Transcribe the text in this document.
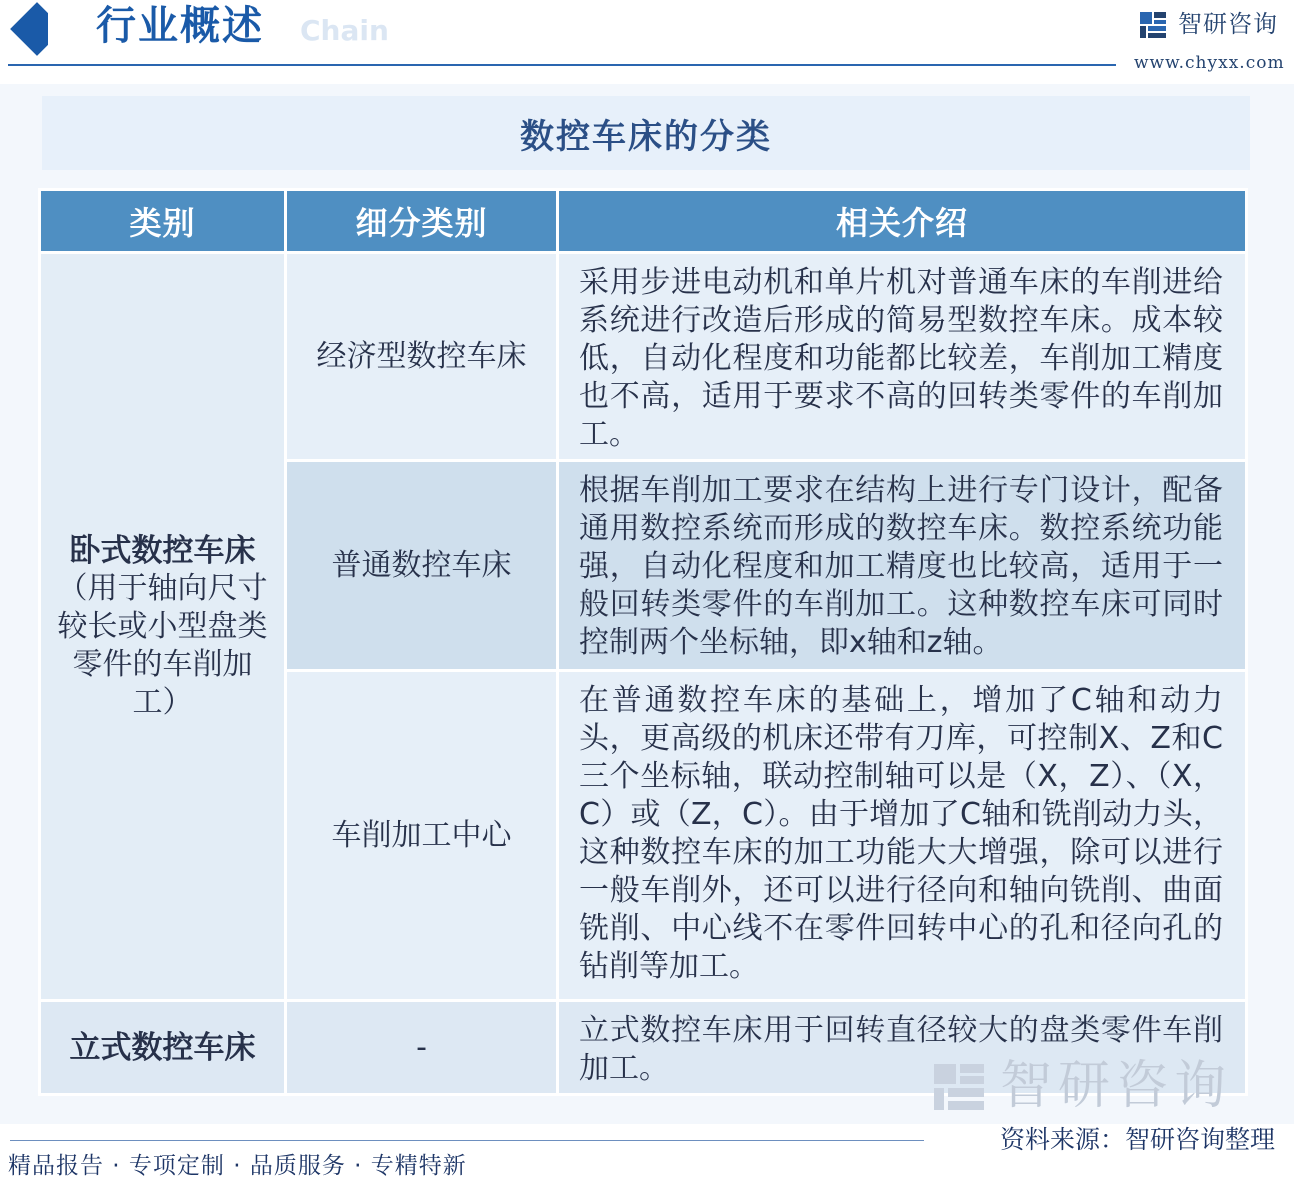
行业概述 Chain	智研咨询
www.chyxx.com
数控车床的分类
类别	细分类别	相关介绍

卧式数控车床
（用于轴向尺寸较长或小型盘类零件的车削加工）	经济型数控车床	采用步进电动机和单片机对普通车床的车削进给系统进行改造后形成的简易型数控车床。成本较低，自动化程度和功能都比较差，车削加工精度也不高，适用于要求不高的回转类零件的车削加工。
	普通数控车床	根据车削加工要求在结构上进行专门设计，配备通用数控系统而形成的数控车床。数控系统功能强，自动化程度和加工精度也比较高，适用于一般回转类零件的车削加工。这种数控车床可同时控制两个坐标轴，即x轴和z轴。
	车削加工中心	在普通数控车床的基础上，增加了C轴和动力头，更高级的机床还带有刀库，可控制X、Z和C三个坐标轴，联动控制轴可以是（X，Z）、（X，C）或（Z，C）。由于增加了C轴和铣削动力头，这种数控车床的加工功能大大增强，除可以进行一般车削外，还可以进行径向和轴向铣削、曲面铣削、中心线不在零件回转中心的孔和径向孔的钻削等加工。

立式数控车床	-	立式数控车床用于回转直径较大的盘类零件车削加工。	智研咨询
资料来源：智研咨询整理
精品报告 · 专项定制 · 品质服务 · 专精特新
